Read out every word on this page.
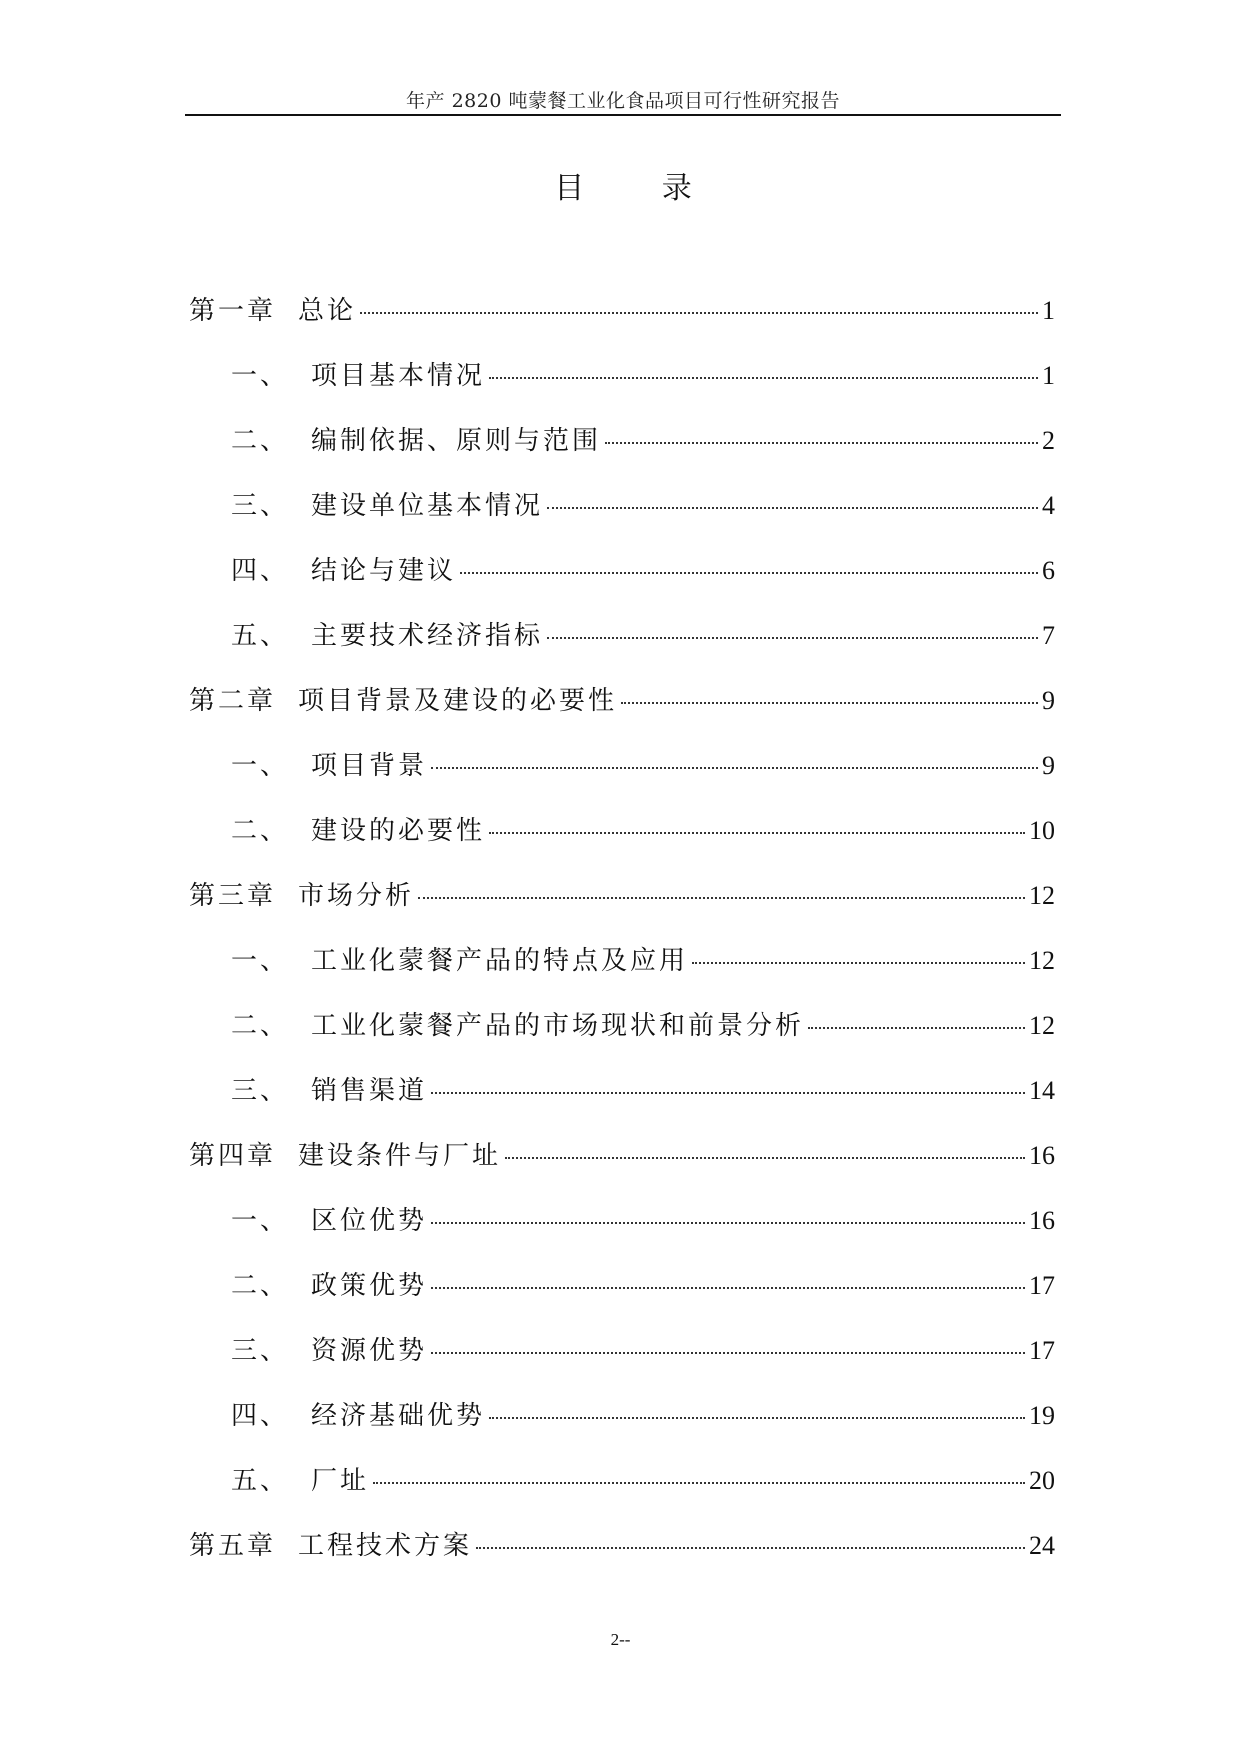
年产 2820 吨蒙餐工业化食品项目可行性研究报告
目 录
第一章 总论	1
一、 项目基本情况	1
二、 编制依据、原则与范围	2
三、 建设单位基本情况	4
四、 结论与建议	6
五、 主要技术经济指标	7
第二章 项目背景及建设的必要性	9
一、 项目背景	9
二、 建设的必要性	10
第三章 市场分析	12
一、 工业化蒙餐产品的特点及应用	12
二、 工业化蒙餐产品的市场现状和前景分析	12
三、 销售渠道	14
第四章 建设条件与厂址	16
一、 区位优势	16
二、 政策优势	17
三、 资源优势	17
四、 经济基础优势	19
五、 厂址	20
第五章 工程技术方案	24
2--
